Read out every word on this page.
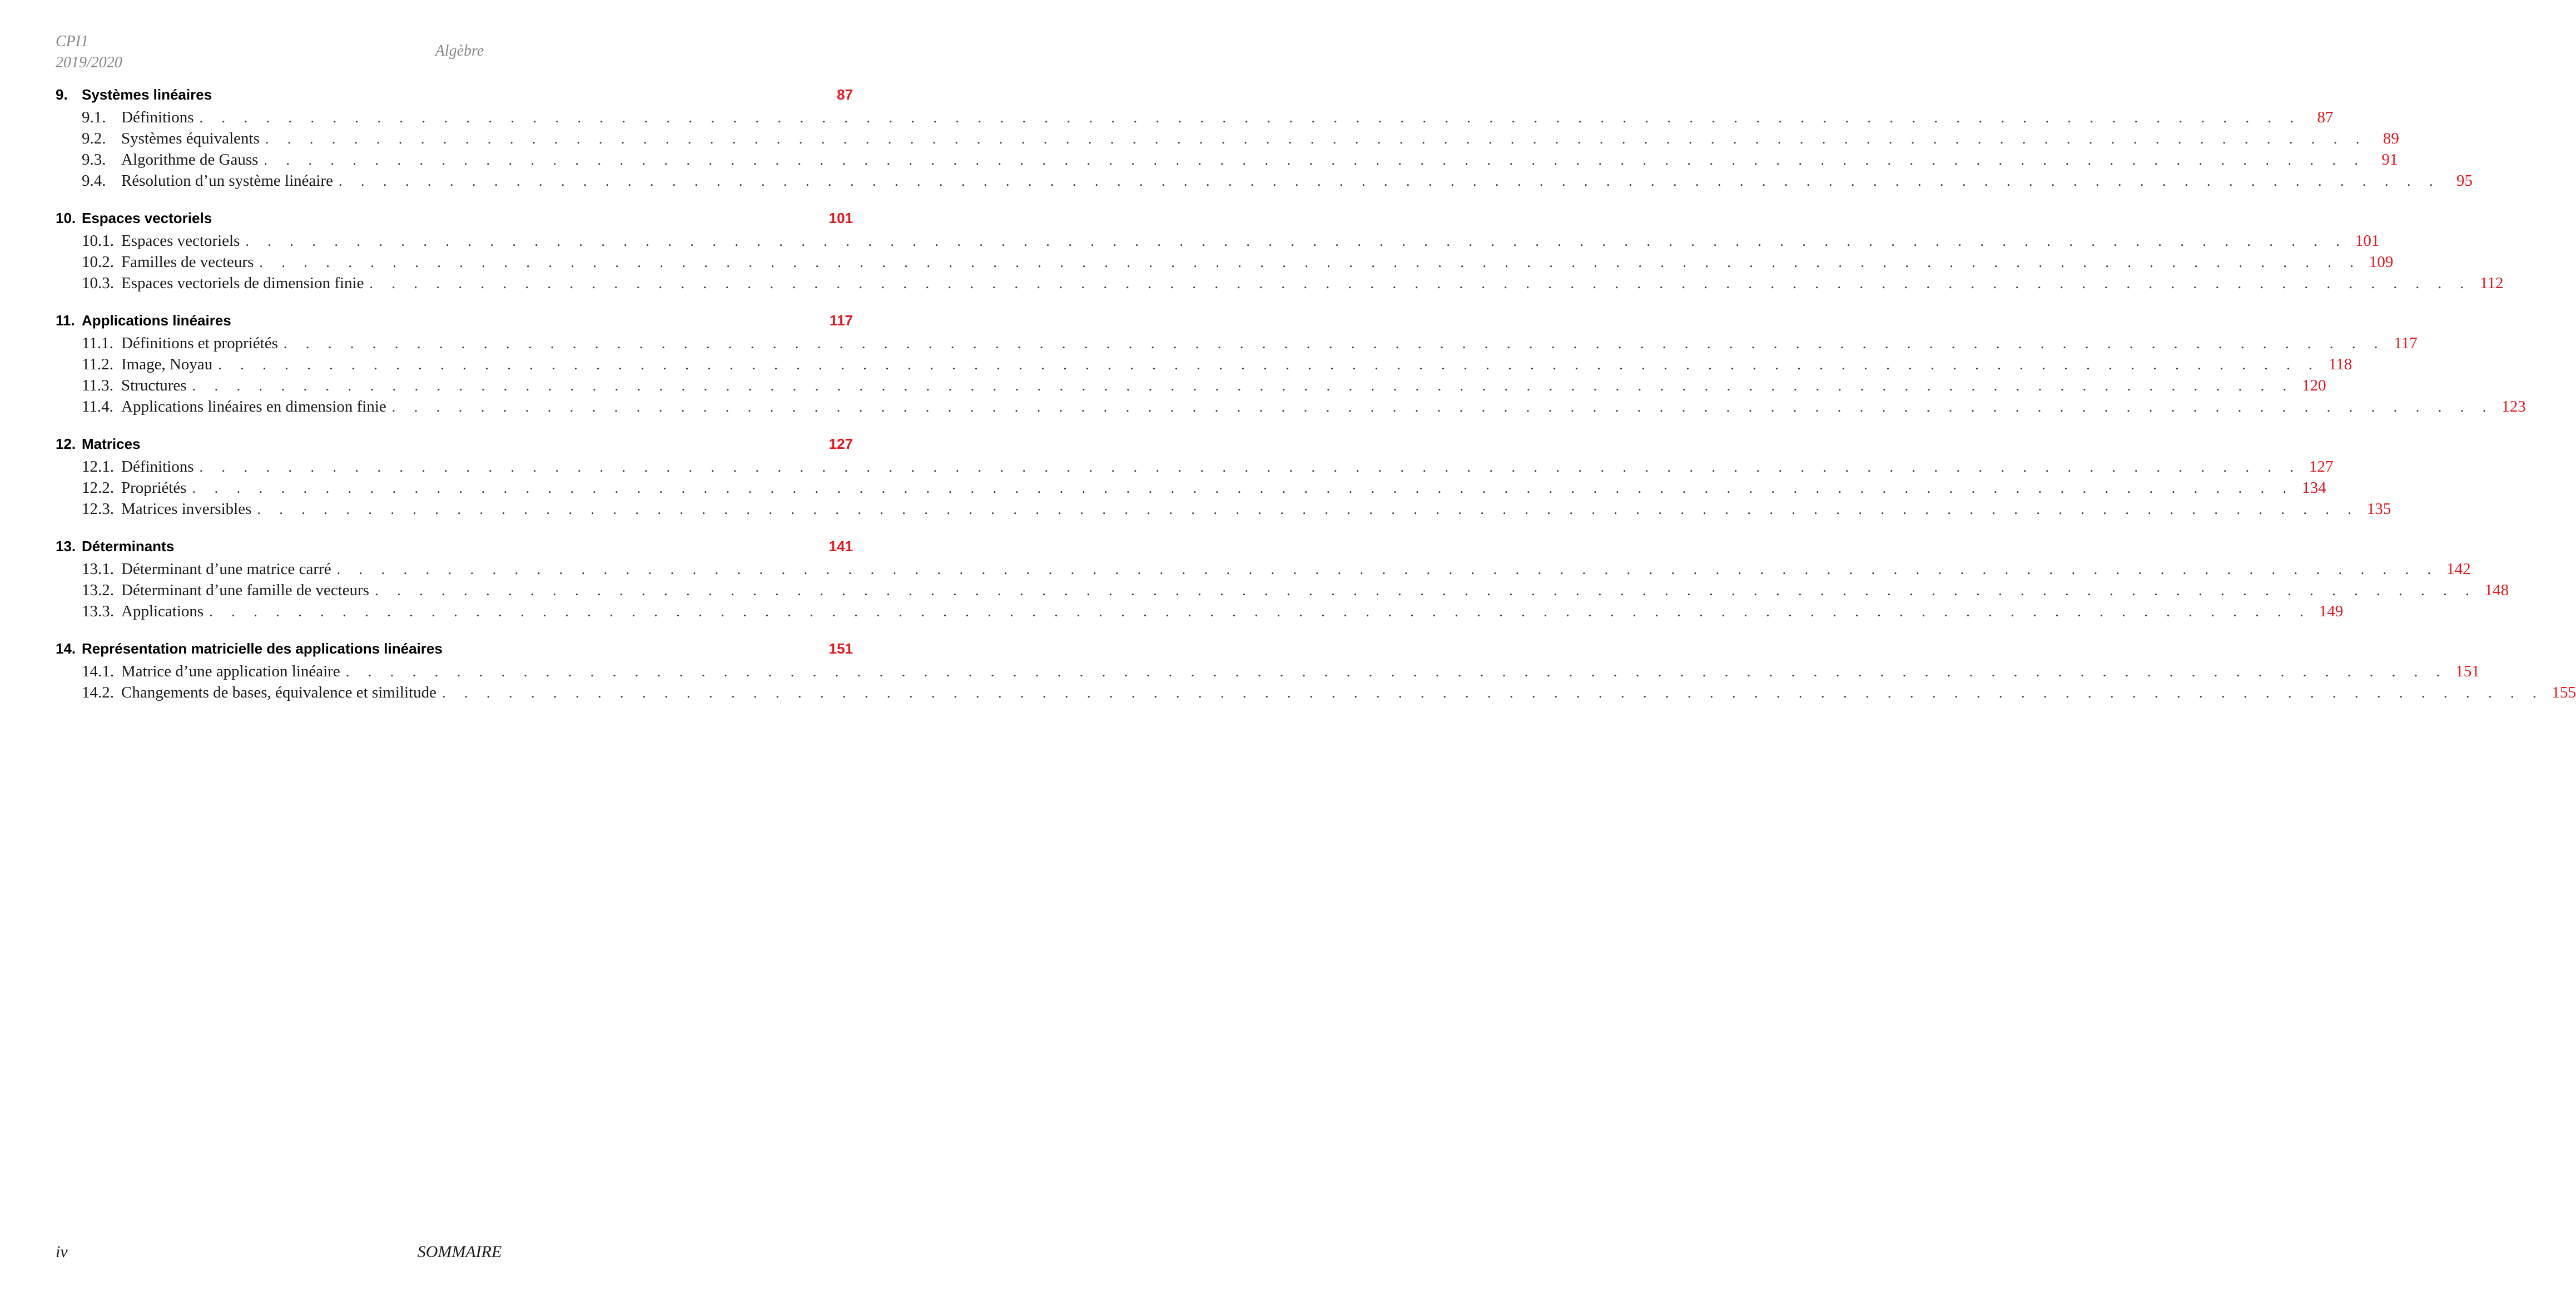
CPI1
2019/2020
Algèbre
9. Systèmes linéaires	87
9.1. Définitions . . . . . . . . . . . . . . . . . . . . . . . . . . . . . . . . . . . . . . . . . . . . . . . . . . . . . . . . . . . . . . . . . . . . . . . . . . . . . . . . . . . . . . . . . . . . . . .	87
9.2. Systèmes équivalents . . . . . . . . . . . . . . . . . . . . . . . . . . . . . . . . . . . . . . . . . . . . . . . . . . . . . . . . . . . . . . . . . . . . . . . . . . . . . . . . . . . . . . . . . . . . . . .	89
9.3. Algorithme de Gauss . . . . . . . . . . . . . . . . . . . . . . . . . . . . . . . . . . . . . . . . . . . . . . . . . . . . . . . . . . . . . . . . . . . . . . . . . . . . . . . . . . . . . . . . . . . . . . .	91
9.4. Résolution d’un système linéaire . . . . . . . . . . . . . . . . . . . . . . . . . . . . . . . . . . . . . . . . . . . . . . . . . . . . . . . . . . . . . . . . . . . . . . . . . . . . . . . . . . . . . . . . . . . . . . .	95
10. Espaces vectoriels	101
10.1. Espaces vectoriels . . . . . . . . . . . . . . . . . . . . . . . . . . . . . . . . . . . . . . . . . . . . . . . . . . . . . . . . . . . . . . . . . . . . . . . . . . . . . . . . . . . . . . . . . . . . . . . 101
10.2. Familles de vecteurs . . . . . . . . . . . . . . . . . . . . . . . . . . . . . . . . . . . . . . . . . . . . . . . . . . . . . . . . . . . . . . . . . . . . . . . . . . . . . . . . . . . . . . . . . . . . . . . 109
10.3. Espaces vectoriels de dimension finie . . . . . . . . . . . . . . . . . . . . . . . . . . . . . . . . . . . . . . . . . . . . . . . . . . . . . . . . . . . . . . . . . . . . . . . . . . . . . . . . . . . . . . . . . . . . . . . 112
11. Applications linéaires	117
11.1. Définitions et propriétés . . . . . . . . . . . . . . . . . . . . . . . . . . . . . . . . . . . . . . . . . . . . . . . . . . . . . . . . . . . . . . . . . . . . . . . . . . . . . . . . . . . . . . . . . . . . . . . 117
11.2. Image, Noyau . . . . . . . . . . . . . . . . . . . . . . . . . . . . . . . . . . . . . . . . . . . . . . . . . . . . . . . . . . . . . . . . . . . . . . . . . . . . . . . . . . . . . . . . . . . . . . . 118
11.3. Structures . . . . . . . . . . . . . . . . . . . . . . . . . . . . . . . . . . . . . . . . . . . . . . . . . . . . . . . . . . . . . . . . . . . . . . . . . . . . . . . . . . . . . . . . . . . . . . . 120
11.4. Applications linéaires en dimension finie . . . . . . . . . . . . . . . . . . . . . . . . . . . . . . . . . . . . . . . . . . . . . . . . . . . . . . . . . . . . . . . . . . . . . . . . . . . . . . . . . . . . . . . . . . . . . . . 123
12. Matrices	127
12.1. Définitions . . . . . . . . . . . . . . . . . . . . . . . . . . . . . . . . . . . . . . . . . . . . . . . . . . . . . . . . . . . . . . . . . . . . . . . . . . . . . . . . . . . . . . . . . . . . . . . 127
12.2. Propriétés . . . . . . . . . . . . . . . . . . . . . . . . . . . . . . . . . . . . . . . . . . . . . . . . . . . . . . . . . . . . . . . . . . . . . . . . . . . . . . . . . . . . . . . . . . . . . . . 134
12.3. Matrices inversibles . . . . . . . . . . . . . . . . . . . . . . . . . . . . . . . . . . . . . . . . . . . . . . . . . . . . . . . . . . . . . . . . . . . . . . . . . . . . . . . . . . . . . . . . . . . . . . . 135
13. Déterminants	141
13.1. Déterminant d’une matrice carré . . . . . . . . . . . . . . . . . . . . . . . . . . . . . . . . . . . . . . . . . . . . . . . . . . . . . . . . . . . . . . . . . . . . . . . . . . . . . . . . . . . . . . . . . . . . . . . 142
13.2. Déterminant d’une famille de vecteurs . . . . . . . . . . . . . . . . . . . . . . . . . . . . . . . . . . . . . . . . . . . . . . . . . . . . . . . . . . . . . . . . . . . . . . . . . . . . . . . . . . . . . . . . . . . . . . . 148
13.3. Applications . . . . . . . . . . . . . . . . . . . . . . . . . . . . . . . . . . . . . . . . . . . . . . . . . . . . . . . . . . . . . . . . . . . . . . . . . . . . . . . . . . . . . . . . . . . . . . . 149
14. Représentation matricielle des applications linéaires	151
14.1. Matrice d’une application linéaire . . . . . . . . . . . . . . . . . . . . . . . . . . . . . . . . . . . . . . . . . . . . . . . . . . . . . . . . . . . . . . . . . . . . . . . . . . . . . . . . . . . . . . . . . . . . . . . 151
14.2. Changements de bases, équivalence et similitude . . . . . . . . . . . . . . . . . . . . . . . . . . . . . . . . . . . . . . . . . . . . . . . . . . . . . . . . . . . . . . . . . . . . . . . . . . . . . . . . . . . . . . . . . . . . . . . 155
iv	SOMMAIRE
